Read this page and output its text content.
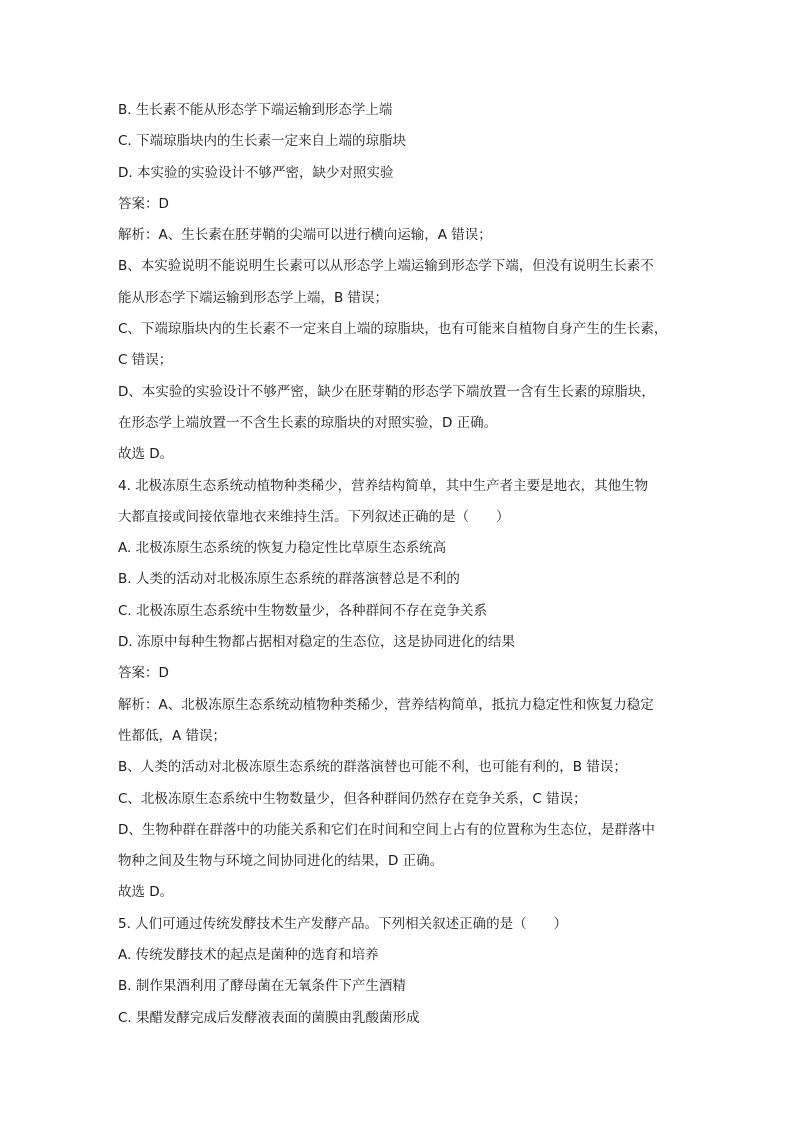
B. 生长素不能从形态学下端运输到形态学上端

C. 下端琼脂块内的生长素一定来自上端的琼脂块

D. 本实验的实验设计不够严密，缺少对照实验

答案：D

解析：A、生长素在胚芽鞘的尖端可以进行横向运输，A 错误；

B、本实验说明不能说明生长素可以从形态学上端运输到形态学下端，但没有说明生长素不

能从形态学下端运输到形态学上端，B 错误；

C、下端琼脂块内的生长素不一定来自上端的琼脂块，也有可能来自植物自身产生的生长素，

C 错误；

D、本实验的实验设计不够严密，缺少在胚芽鞘的形态学下端放置一含有生长素的琼脂块，

在形态学上端放置一不含生长素的琼脂块的对照实验，D 正确。

故选 D。

4. 北极冻原生态系统动植物种类稀少，营养结构简单，其中生产者主要是地衣，其他生物

大都直接或间接依靠地衣来维持生活。下列叙述正确的是（　　）

A. 北极冻原生态系统的恢复力稳定性比草原生态系统高

B. 人类的活动对北极冻原生态系统的群落演替总是不利的

C. 北极冻原生态系统中生物数量少，各种群间不存在竞争关系

D. 冻原中每种生物都占据相对稳定的生态位，这是协同进化的结果

答案：D

解析：A、北极冻原生态系统动植物种类稀少，营养结构简单，抵抗力稳定性和恢复力稳定

性都低，A 错误；

B、人类的活动对北极冻原生态系统的群落演替也可能不利，也可能有利的，B 错误；

C、北极冻原生态系统中生物数量少，但各种群间仍然存在竞争关系，C 错误；

D、生物种群在群落中的功能关系和它们在时间和空间上占有的位置称为生态位，是群落中

物种之间及生物与环境之间协同进化的结果，D 正确。

故选 D。

5. 人们可通过传统发酵技术生产发酵产品。下列相关叙述正确的是（　　）

A. 传统发酵技术的起点是菌种的选育和培养

B. 制作果酒利用了酵母菌在无氧条件下产生酒精

C. 果醋发酵完成后发酵液表面的菌膜由乳酸菌形成
